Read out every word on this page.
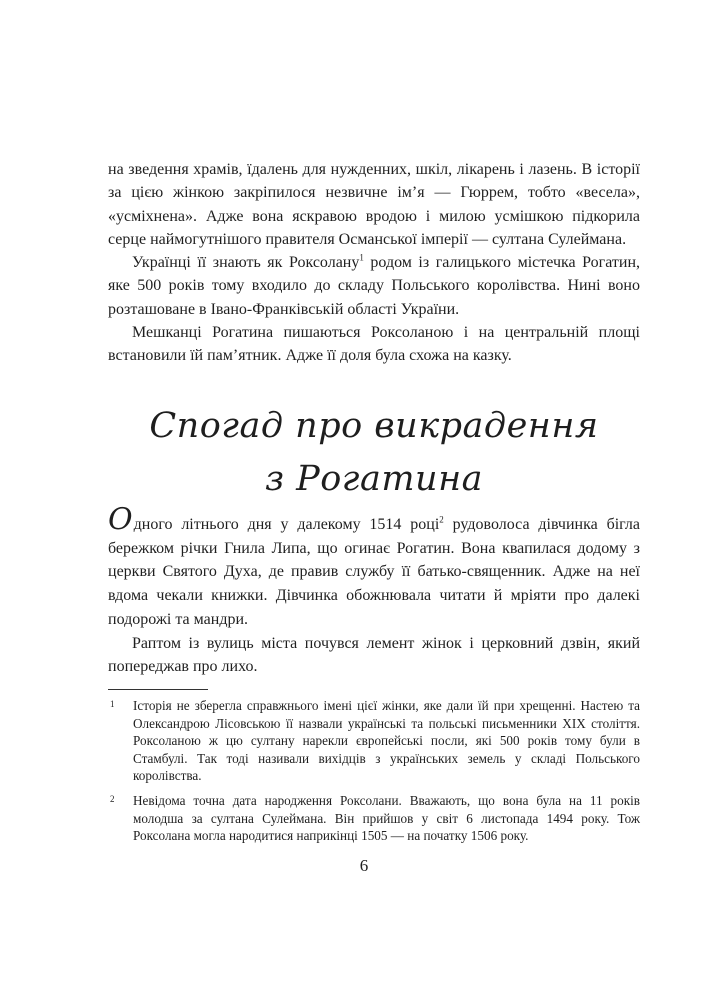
на зведення храмів, їдалень для нужденних, шкіл, лікарень і лазень. В історії за цією жінкою закріпилося незвичне ім’я — Гюррем, тобто «весела», «усміхнена». Адже вона яскравою вродою і милою усмішкою підкорила серце наймогутнішого правителя Османської імперії — султана Сулеймана.

Українці її знають як Роксолану$^1$ родом із галицького містечка Рогатин, яке 500 років тому входило до складу Польського королівства. Нині воно розташоване в Івано-Франківській області України.

Мешканці Рогатина пишаються Роксоланою і на центральній площі встановили їй пам’ятник. Адже її доля була схожа на казку.

Спогад про викрадення
з Рогатина

Одного літнього дня у далекому 1514 році$^2$ рудоволоса дівчинка бігла бережком річки Гнила Липа, що огинає Рогатин. Вона квапилася додому з церкви Святого Духа, де правив службу її батько-священник. Адже на неї вдома чекали книжки. Дівчинка обожнювала читати й мріяти про далекі подорожі та мандри.

Раптом із вулиць міста почувся лемент жінок і церковний дзвін, який попереджав про лихо.

1 Історія не зберегла справжнього імені цієї жінки, яке дали їй при хрещенні. Настею та Олександрою Лісовською її назвали українські та польські письменники XIX століття. Роксоланою ж цю султану нарекли європейські посли, які 500 років тому були в Стамбулі. Так тоді називали вихідців з українських земель у складі Польського королівства.
2 Невідома точна дата народження Роксолани. Вважають, що вона була на 11 років молодша за султана Сулеймана. Він прийшов у світ 6 листопада 1494 року. Тож Роксолана могла народитися наприкінці 1505 — на початку 1506 року.
6
